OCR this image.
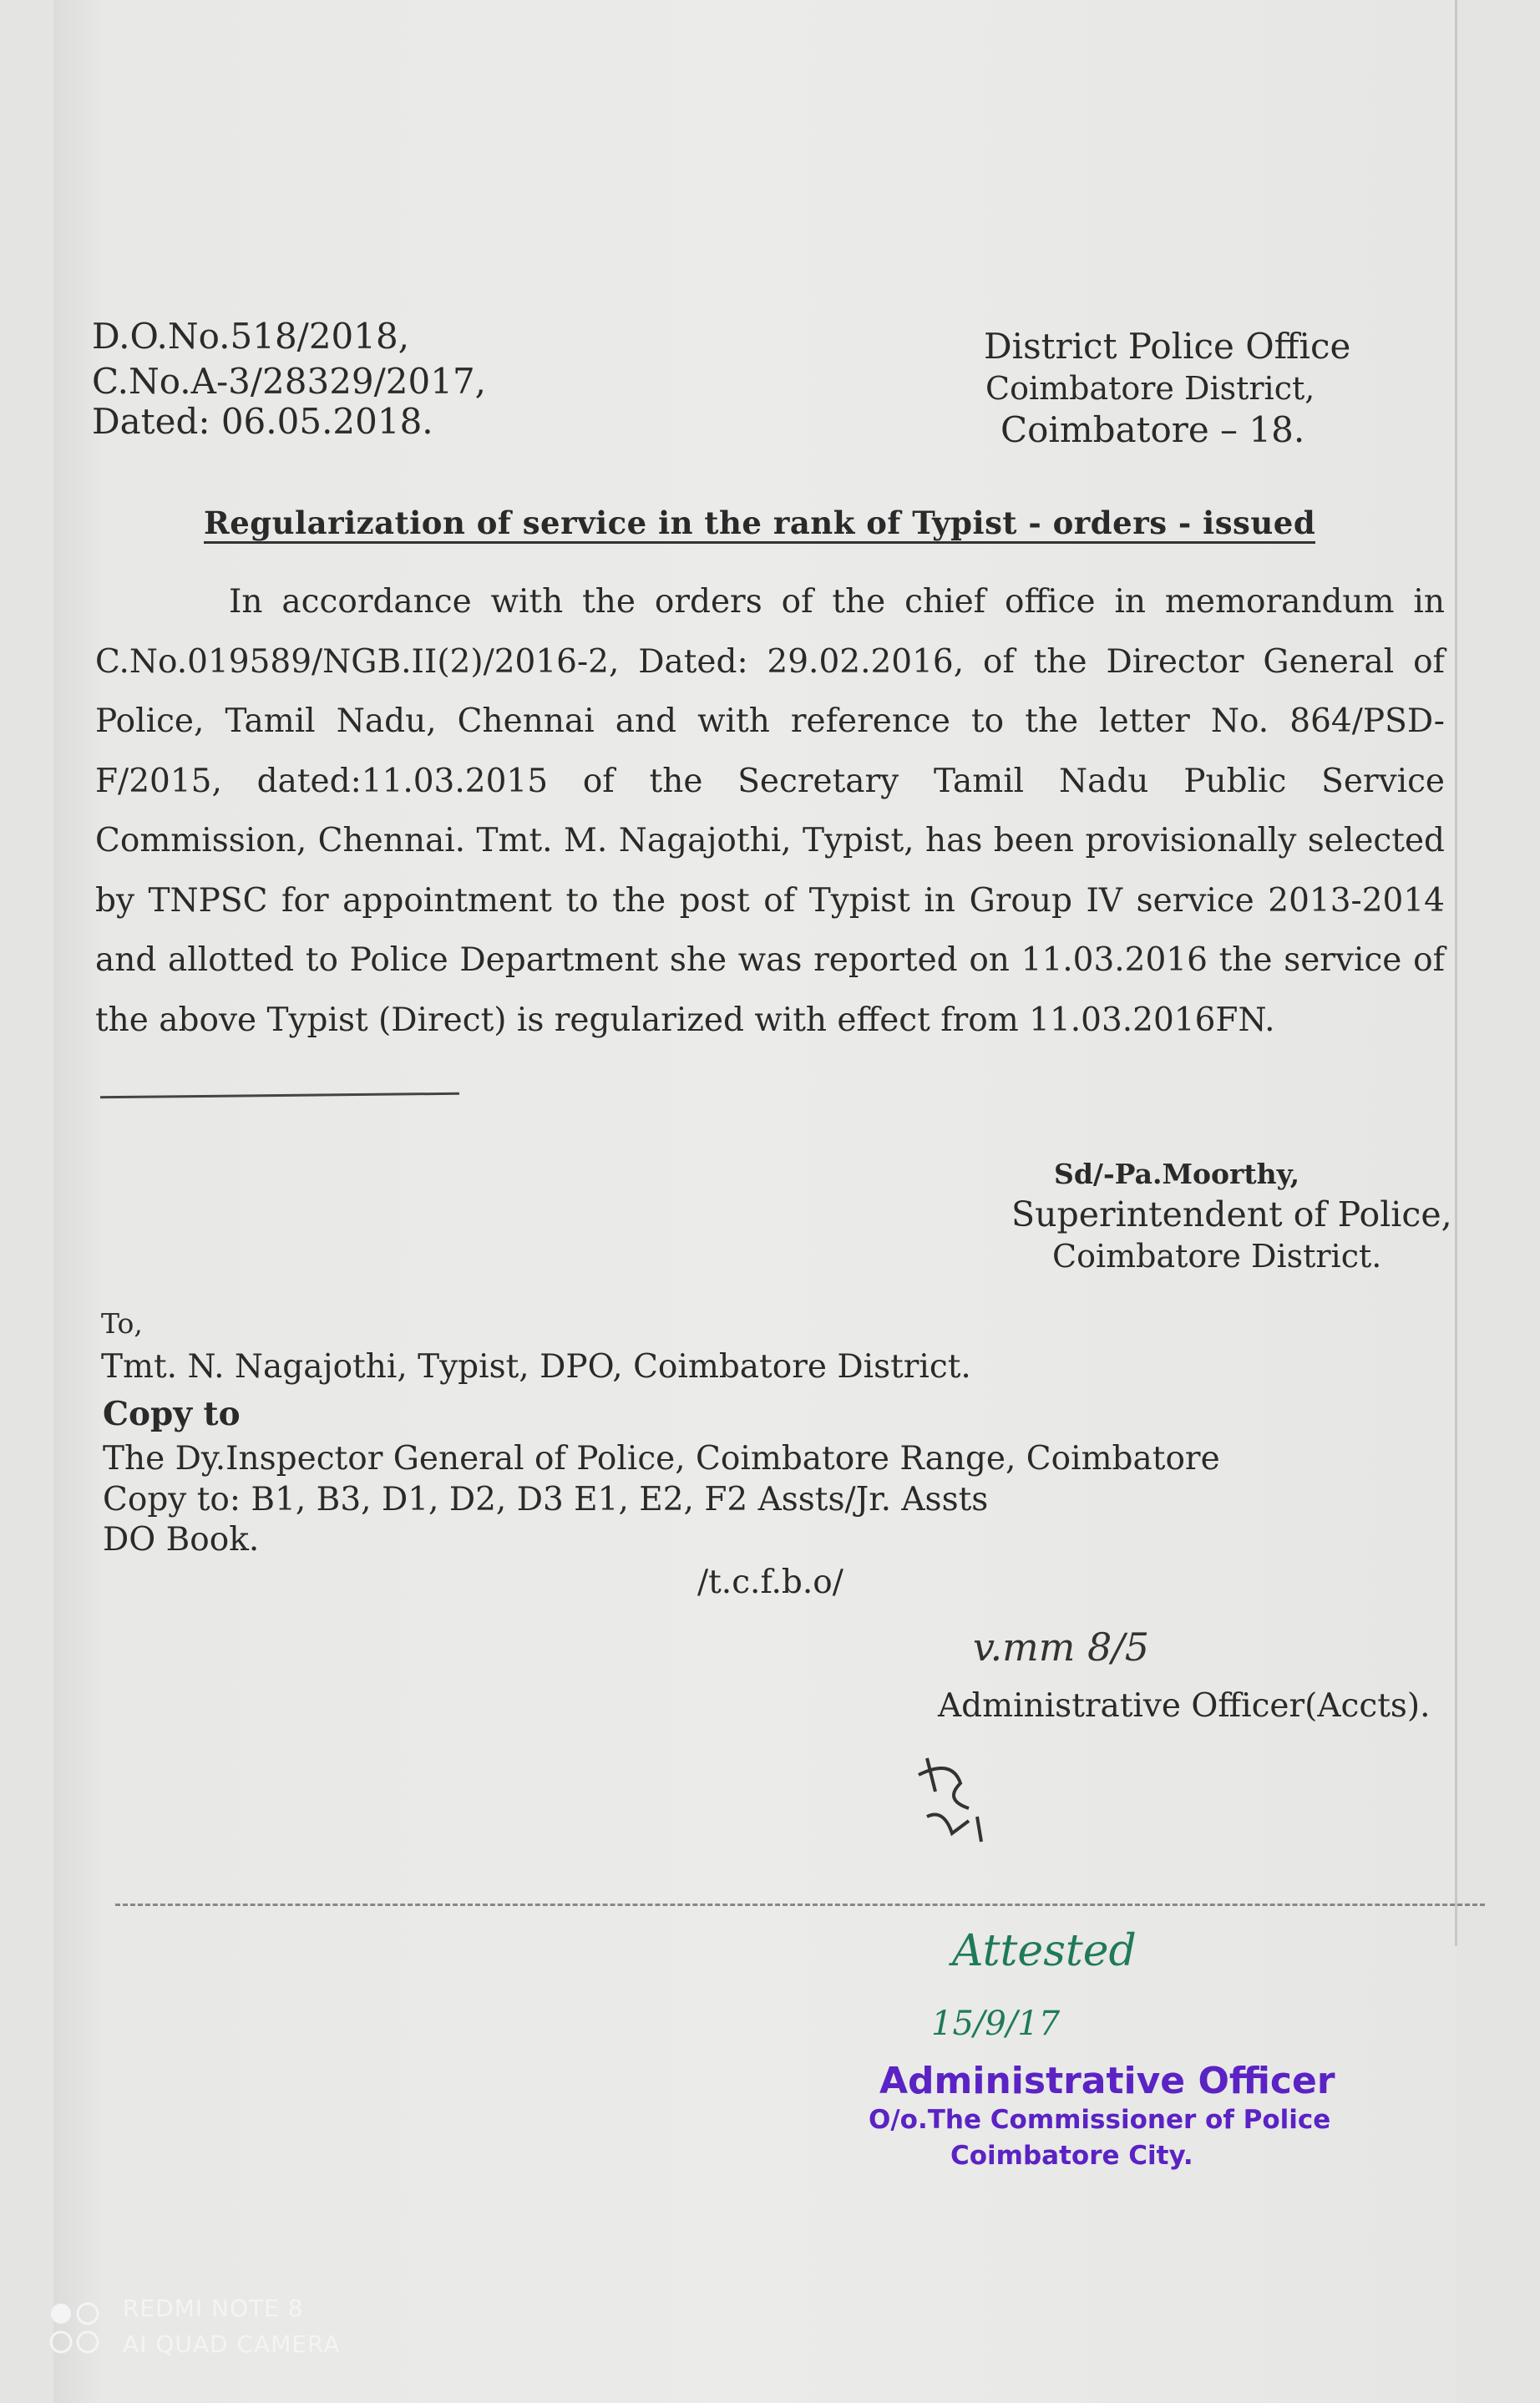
D.O.No.518/2018,
C.No.A-3/28329/2017,
Dated: 06.05.2018.
District Police Office
Coimbatore District,
Coimbatore – 18.
Regularization of service in the rank of Typist - orders - issued
In accordance with the orders of the chief office in memorandum in C.No.019589/NGB.II(2)/2016-2, Dated: 29.02.2016, of the Director General of Police, Tamil Nadu, Chennai and with reference to the letter No. 864/PSD-F/2015, dated:11.03.2015 of the Secretary Tamil Nadu Public Service Commission, Chennai. Tmt. M. Nagajothi, Typist, has been provisionally selected by TNPSC for appointment to the post of Typist in Group IV service 2013-2014 and allotted to Police Department she was reported on 11.03.2016 the service of the above Typist (Direct) is regularized with effect from 11.03.2016FN.
Sd/-Pa.Moorthy,
Superintendent of Police,
Coimbatore District.
To,
Tmt. N. Nagajothi, Typist, DPO, Coimbatore District.
Copy to
The Dy.Inspector General of Police, Coimbatore Range, Coimbatore
Copy to: B1, B3, D1, D2, D3 E1, E2, F2 Assts/Jr. Assts
DO Book.
/t.c.f.b.o/
v.mm 8/5
Administrative Officer(Accts).
Attested
15/9/17
Administrative Officer
O/o.The Commissioner of Police
Coimbatore City.
REDMI NOTE 8
AI QUAD CAMERA
